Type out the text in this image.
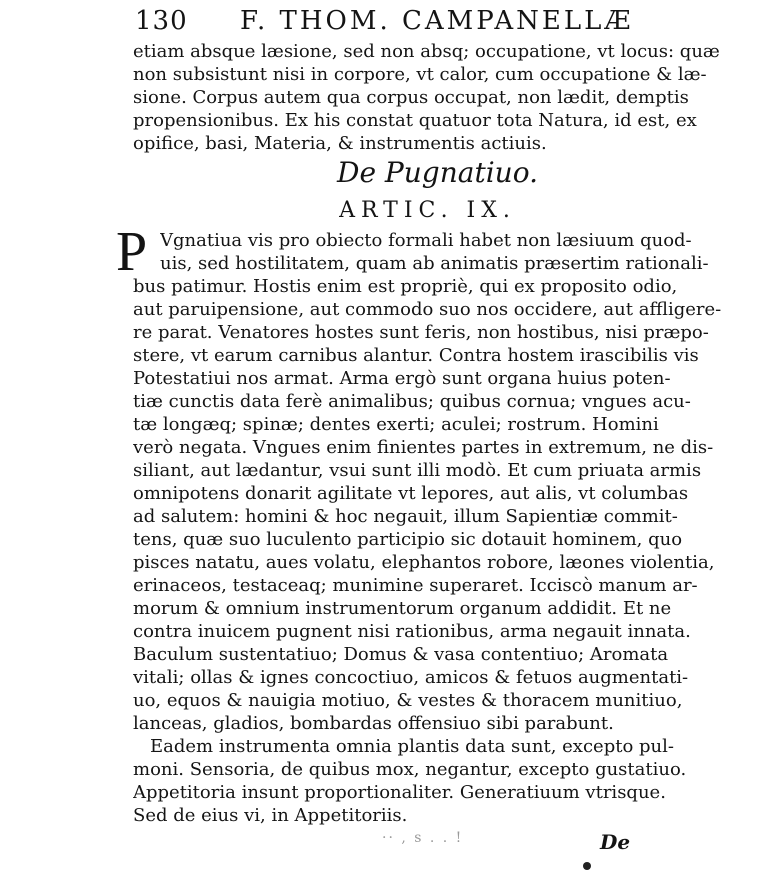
130 F. THOM. CAMPANELLÆ
etiam absque læsione, sed non absq; occupatione, vt locus: quæ
non subsistunt nisi in corpore, vt calor, cum occupatione & læ-
sione. Corpus autem qua corpus occupat, non lædit, demptis
propensionibus. Ex his constat quatuor tota Natura, id est, ex
opifice, basi, Materia, & instrumentis actiuis.
De Pugnatiuo.
ARTIC. IX.
P Vgnatiua vis pro obiecto formali habet non læsiuum quod-
uis, sed hostilitatem, quam ab animatis præsertim rationali-
bus patimur. Hostis enim est propriè, qui ex proposito odio,
aut paruipensione, aut commodo suo nos occidere, aut affligere-
re parat. Venatores hostes sunt feris, non hostibus, nisi præpo-
stere, vt earum carnibus alantur. Contra hostem irascibilis vis
Potestatiui nos armat. Arma ergò sunt organa huius poten-
tiæ cunctis data ferè animalibus; quibus cornua; vngues acu-
tæ longæq; spinæ; dentes exerti; aculei; rostrum. Homini
verò negata. Vngues enim finientes partes in extremum, ne dis-
siliant, aut lædantur, vsui sunt illi modò. Et cum priuata armis
omnipotens donarit agilitate vt lepores, aut alis, vt columbas
ad salutem: homini & hoc negauit, illum Sapientiæ commit-
tens, quæ suo luculento participio sic dotauit hominem, quo
pisces natatu, aues volatu, elephantos robore, læones violentia,
erinaceos, testaceaq; munimine superaret. Icciscò manum ar-
morum & omnium instrumentorum organum addidit. Et ne
contra inuicem pugnent nisi rationibus, arma negauit innata.
Baculum sustentatiuo; Domus & vasa contentiuo; Aromata
vitali; ollas & ignes concoctiuo, amicos & fetuos augmentati-
uo, equos & nauigia motiuo, & vestes & thoracem munitiuo,
lanceas, gladios, bombardas offensiuo sibi parabunt.
Eadem instrumenta omnia plantis data sunt, excepto pul-
moni. Sensoria, de quibus mox, negantur, excepto gustatiuo.
Appetitoria insunt proportionaliter. Generatiuum vtrisque.
Sed de eius vi, in Appetitoriis.
·· , s . . !	De
